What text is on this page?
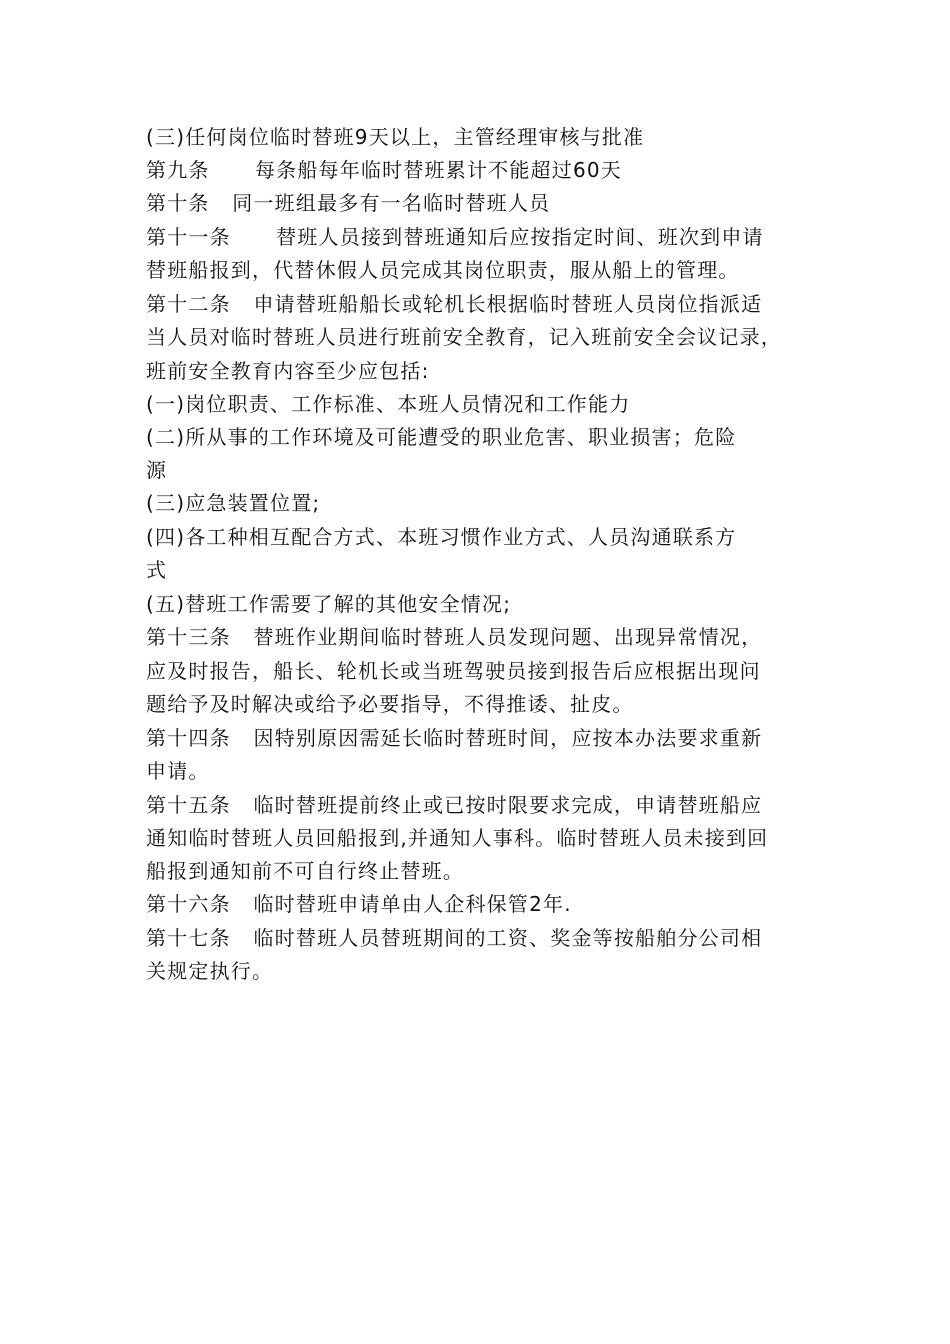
(三)任何岗位临时替班9天以上，主管经理审核与批准
第九条      每条船每年临时替班累计不能超过60天
第十条   同一班组最多有一名临时替班人员
第十一条      替班人员接到替班通知后应按指定时间、班次到申请
替班船报到，代替休假人员完成其岗位职责，服从船上的管理。
第十二条   申请替班船船长或轮机长根据临时替班人员岗位指派适
当人员对临时替班人员进行班前安全教育，记入班前安全会议记录，
班前安全教育内容至少应包括:
(一)岗位职责、工作标准、本班人员情况和工作能力
(二)所从事的工作环境及可能遭受的职业危害、职业损害；危险
源
(三)应急装置位置;
(四)各工种相互配合方式、本班习惯作业方式、人员沟通联系方
式
(五)替班工作需要了解的其他安全情况;
第十三条   替班作业期间临时替班人员发现问题、出现异常情况，
应及时报告，船长、轮机长或当班驾驶员接到报告后应根据出现问
题给予及时解决或给予必要指导，不得推诿、扯皮。
第十四条   因特别原因需延长临时替班时间，应按本办法要求重新
申请。
第十五条   临时替班提前终止或已按时限要求完成，申请替班船应
通知临时替班人员回船报到,并通知人事科。临时替班人员未接到回
船报到通知前不可自行终止替班。
第十六条   临时替班申请单由人企科保管2年.
第十七条   临时替班人员替班期间的工资、奖金等按船舶分公司相
关规定执行。
